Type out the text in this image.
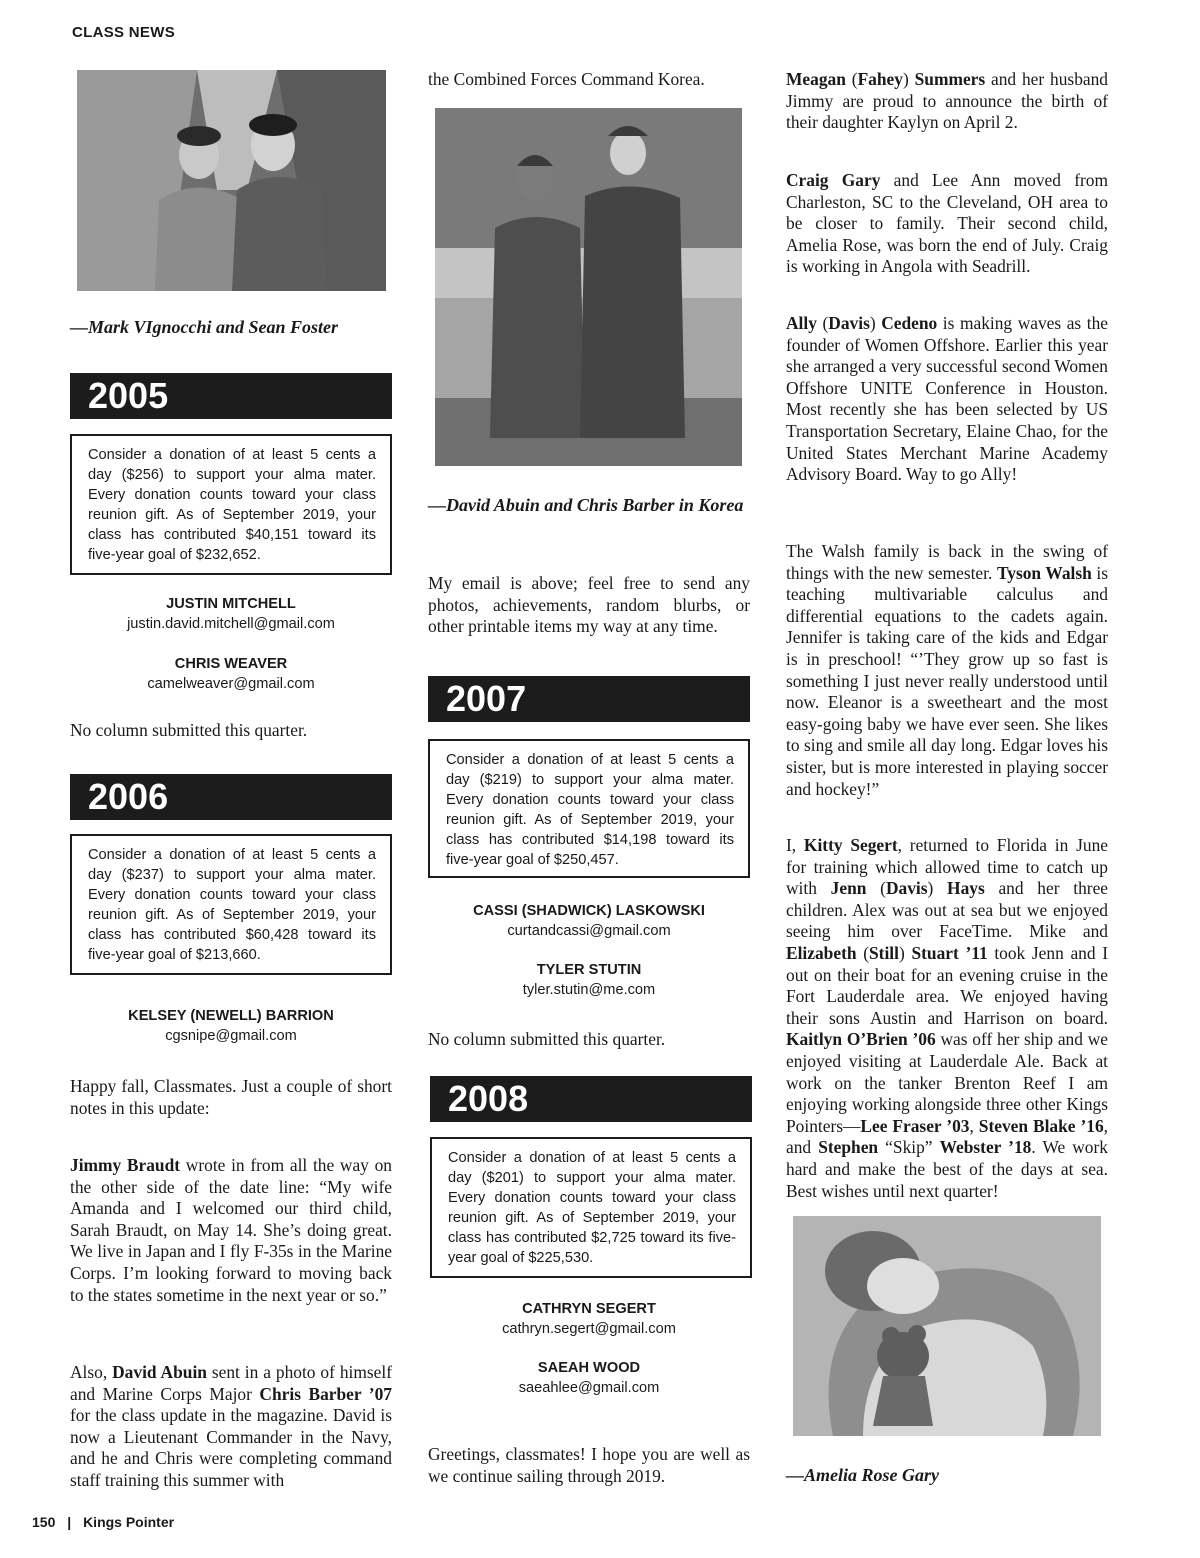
CLASS NEWS
—Mark VIgnocchi and Sean Foster
2005
Consider a donation of at least 5 cents a day ($256) to support your alma mater. Every donation counts toward your class reunion gift. As of September 2019, your class has contributed $40,151 toward its five-year goal of $232,652.
JUSTIN MITCHELL
justin.david.mitchell@gmail.com
CHRIS WEAVER
camelweaver@gmail.com

No column submitted this quarter.

2006
Consider a donation of at least 5 cents a day ($237) to support your alma mater. Every donation counts toward your class reunion gift. As of September 2019, your class has contributed $60,428 toward its five-year goal of $213,660.
KELSEY (NEWELL) BARRION
cgsnipe@gmail.com

Happy fall, Classmates. Just a couple of short notes in this update:

Jimmy Braudt wrote in from all the way on the other side of the date line: “My wife Amanda and I welcomed our third child, Sarah Braudt, on May 14. She’s doing great. We live in Japan and I fly F-35s in the Marine Corps. I’m looking forward to moving back to the states sometime in the next year or so.”

Also, David Abuin sent in a photo of himself and Marine Corps Major Chris Barber ’07 for the class update in the magazine. David is now a Lieutenant Commander in the Navy, and he and Chris were completing command staff training this summer with

the Combined Forces Command Korea.

—David Abuin and Chris Barber in Korea

My email is above; feel free to send any photos, achievements, random blurbs, or other printable items my way at any time.

2007
Consider a donation of at least 5 cents a day ($219) to support your alma mater. Every donation counts toward your class reunion gift. As of September 2019, your class has contributed $14,198 toward its five-year goal of $250,457.
CASSI (SHADWICK) LASKOWSKI
curtandcassi@gmail.com
TYLER STUTIN
tyler.stutin@me.com

No column submitted this quarter.

2008
Consider a donation of at least 5 cents a day ($201) to support your alma mater. Every donation counts toward your class reunion gift. As of September 2019, your class has contributed $2,725 toward its five-year goal of $225,530.
CATHRYN SEGERT
cathryn.segert@gmail.com
SAEAH WOOD
saeahlee@gmail.com

Greetings, classmates! I hope you are well as we continue sailing through 2019.

Meagan (Fahey) Summers and her husband Jimmy are proud to announce the birth of their daughter Kaylyn on April 2.

Craig Gary and Lee Ann moved from Charleston, SC to the Cleveland, OH area to be closer to family. Their second child, Amelia Rose, was born the end of July. Craig is working in Angola with Seadrill.

Ally (Davis) Cedeno is making waves as the founder of Women Offshore. Earlier this year she arranged a very successful second Women Offshore UNITE Conference in Houston. Most recently she has been selected by US Transportation Secretary, Elaine Chao, for the United States Merchant Marine Academy Advisory Board. Way to go Ally!

The Walsh family is back in the swing of things with the new semester. Tyson Walsh is teaching multivariable calculus and differential equations to the cadets again. Jennifer is taking care of the kids and Edgar is in preschool! “’They grow up so fast is something I just never really understood until now. Eleanor is a sweetheart and the most easy-going baby we have ever seen. She likes to sing and smile all day long. Edgar loves his sister, but is more interested in playing soccer and hockey!”

I, Kitty Segert, returned to Florida in June for training which allowed time to catch up with Jenn (Davis) Hays and her three children. Alex was out at sea but we enjoyed seeing him over FaceTime. Mike and Elizabeth (Still) Stuart ’11 took Jenn and I out on their boat for an evening cruise in the Fort Lauderdale area. We enjoyed having their sons Austin and Harrison on board. Kaitlyn O’Brien ’06 was off her ship and we enjoyed visiting at Lauderdale Ale. Back at work on the tanker Brenton Reef I am enjoying working alongside three other Kings Pointers—Lee Fraser ’03, Steven Blake ’16, and Stephen “Skip” Webster ’18. We work hard and make the best of the days at sea. Best wishes until next quarter!

—Amelia Rose Gary
150 | Kings Pointer
